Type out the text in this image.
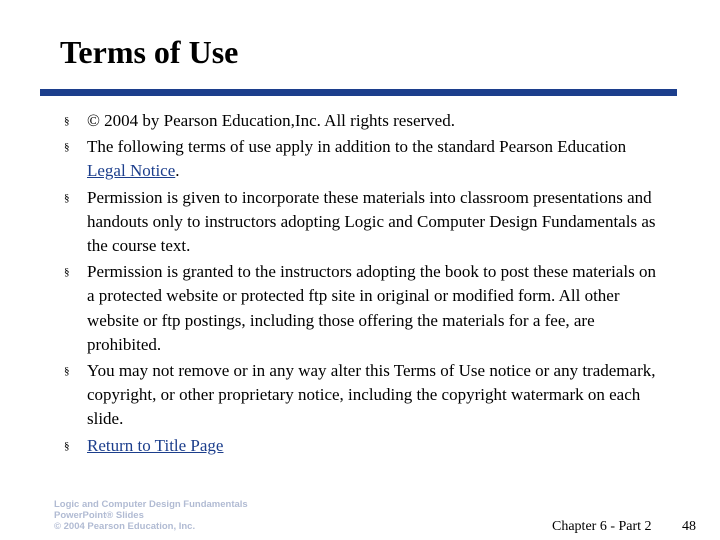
Terms of Use
§ © 2004 by Pearson Education,Inc. All rights reserved.
§ The following terms of use apply in addition to the standard Pearson Education Legal Notice.
§ Permission is given to incorporate these materials into classroom presentations and handouts only to instructors adopting Logic and Computer Design Fundamentals as the course text.
§ Permission is granted to the instructors adopting the book to post these materials on a protected website or protected ftp site in original or modified form. All other website or ftp postings, including those offering the materials for a fee, are prohibited.
§ You may not remove or in any way alter this Terms of Use notice or any trademark, copyright, or other proprietary notice, including the copyright watermark on each slide.
§ Return to Title Page
Logic and Computer Design Fundamentals
PowerPoint® Slides
© 2004 Pearson Education, Inc.	Chapter 6 - Part 2 48
